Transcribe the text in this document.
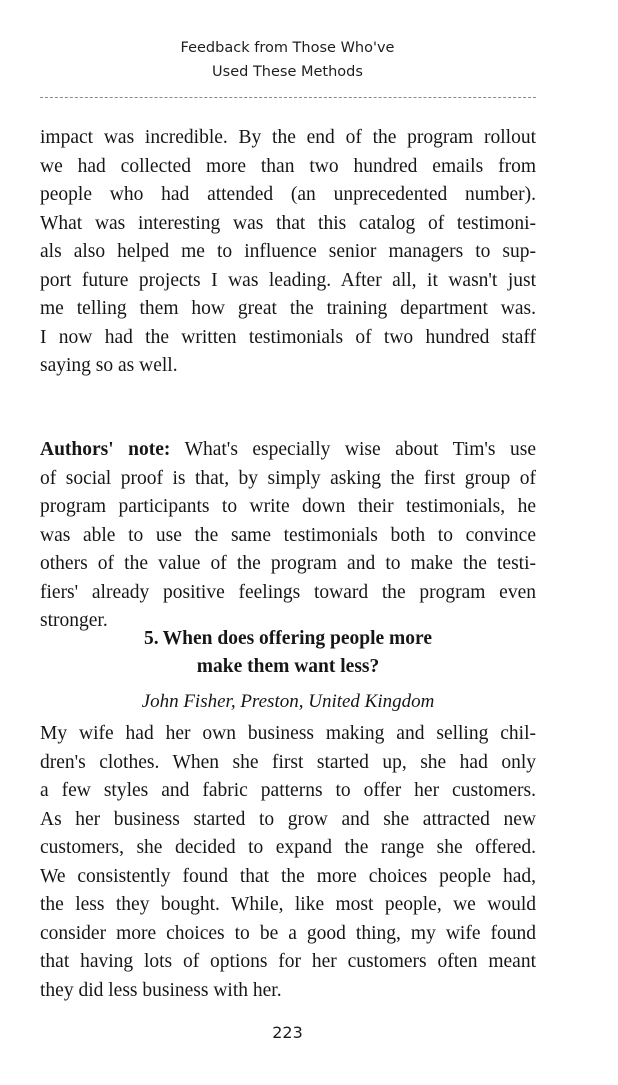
Feedback from Those Who've
Used These Methods

impact was incredible. By the end of the program rollout

we had collected more than two hundred emails from

people who had attended (an unprecedented number).

What was interesting was that this catalog of testimoni-

als also helped me to influence senior managers to sup-

port future projects I was leading. After all, it wasn't just

me telling them how great the training department was.

I now had the written testimonials of two hundred staff

saying so as well.

Authors' note: What's especially wise about Tim's use

of social proof is that, by simply asking the first group of

program participants to write down their testimonials, he

was able to use the same testimonials both to convince

others of the value of the program and to make the testi-

fiers' already positive feelings toward the program even

stronger.

5. When does offering people more
make them want less?
John Fisher, Preston, United Kingdom

My wife had her own business making and selling chil-

dren's clothes. When she first started up, she had only

a few styles and fabric patterns to offer her customers.

As her business started to grow and she attracted new

customers, she decided to expand the range she offered.

We consistently found that the more choices people had,

the less they bought. While, like most people, we would

consider more choices to be a good thing, my wife found

that having lots of options for her customers often meant

they did less business with her.

223
